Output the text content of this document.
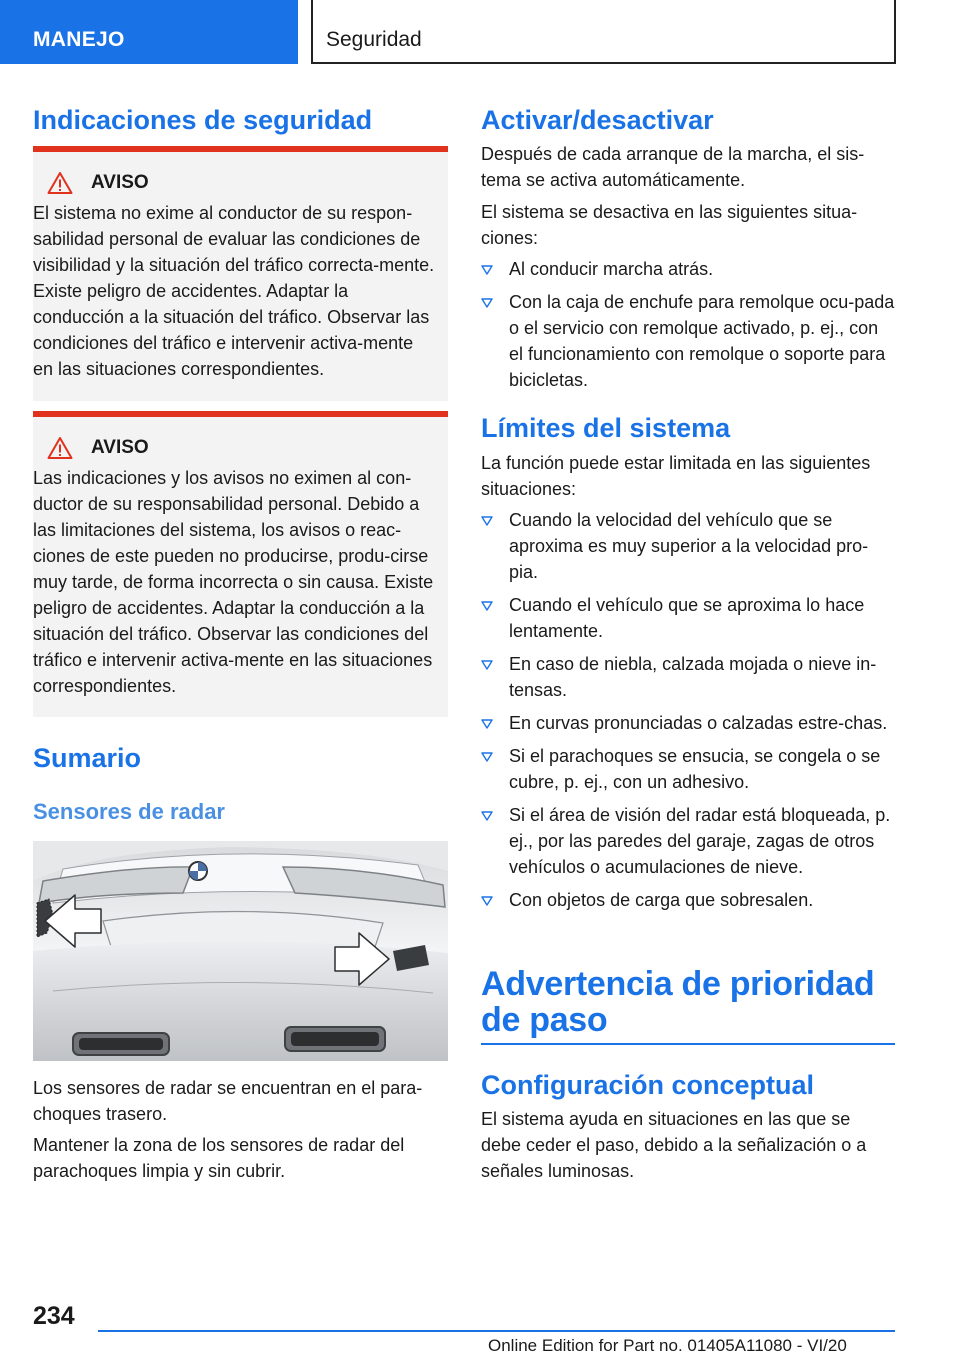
MANEJO	Seguridad
Indicaciones de seguridad
AVISO
El sistema no exime al conductor de su respon-sabilidad personal de evaluar las condiciones de visibilidad y la situación del tráfico correcta-mente. Existe peligro de accidentes. Adaptar la conducción a la situación del tráfico. Observar las condiciones del tráfico e intervenir activa-mente en las situaciones correspondientes.
AVISO
Las indicaciones y los avisos no eximen al con-ductor de su responsabilidad personal. Debido a las limitaciones del sistema, los avisos o reac-ciones de este pueden no producirse, produ-cirse muy tarde, de forma incorrecta o sin causa. Existe peligro de accidentes. Adaptar la conducción a la situación del tráfico. Observar las condiciones del tráfico e intervenir activa-mente en las situaciones correspondientes.
Sumario
Sensores de radar
Los sensores de radar se encuentran en el para-choques trasero.
Mantener la zona de los sensores de radar del parachoques limpia y sin cubrir.
Activar/desactivar
Después de cada arranque de la marcha, el sis-tema se activa automáticamente.
El sistema se desactiva en las siguientes situa-ciones:
Al conducir marcha atrás.
Con la caja de enchufe para remolque ocu-pada o el servicio con remolque activado, p. ej., con el funcionamiento con remolque o soporte para bicicletas.
Límites del sistema
La función puede estar limitada en las siguientes situaciones:
Cuando la velocidad del vehículo que se aproxima es muy superior a la velocidad pro-pia.
Cuando el vehículo que se aproxima lo hace lentamente.
En caso de niebla, calzada mojada o nieve in-tensas.
En curvas pronunciadas o calzadas estre-chas.
Si el parachoques se ensucia, se congela o se cubre, p. ej., con un adhesivo.
Si el área de visión del radar está bloqueada, p. ej., por las paredes del garaje, zagas de otros vehículos o acumulaciones de nieve.
Con objetos de carga que sobresalen.
Advertencia de prioridad de paso
Configuración conceptual
El sistema ayuda en situaciones en las que se debe ceder el paso, debido a la señalización o a señales luminosas.
234
Online Edition for Part no. 01405A11080 - VI/20
